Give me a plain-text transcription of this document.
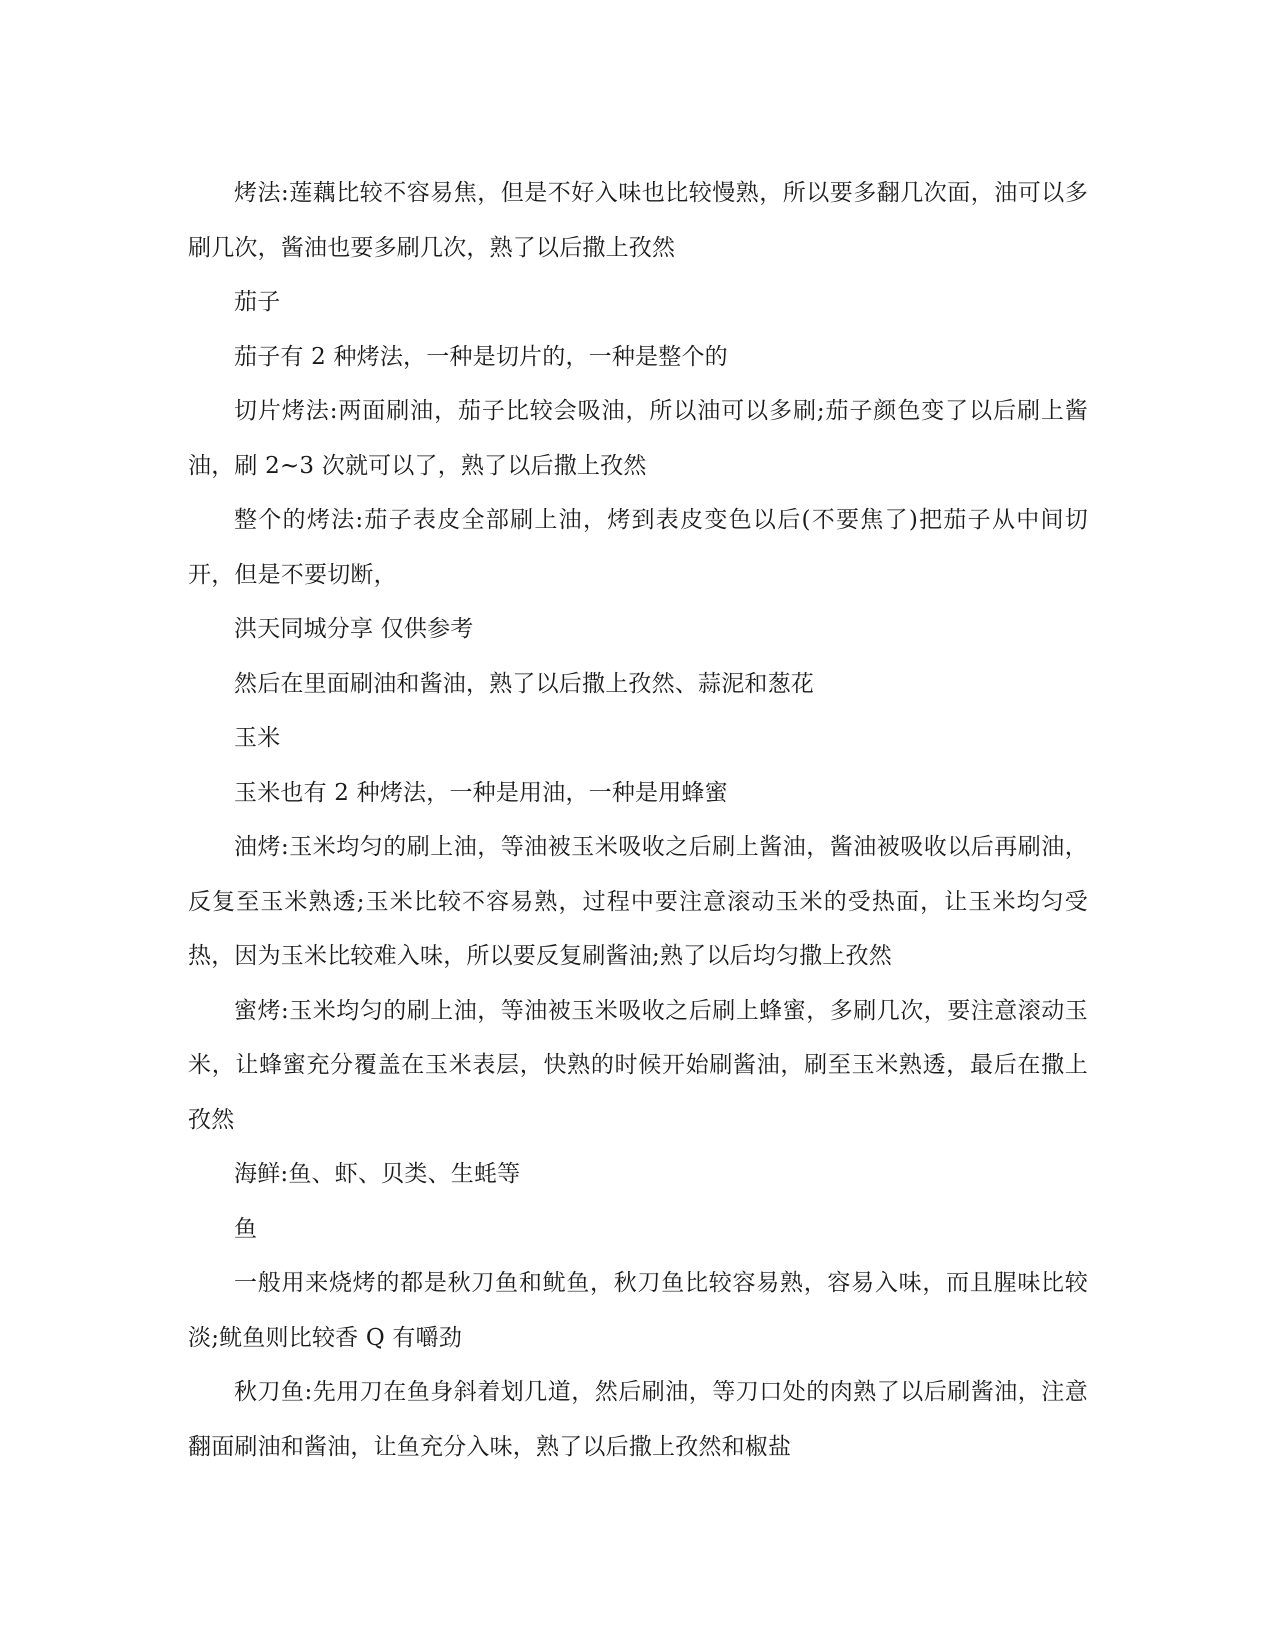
烤法:莲藕比较不容易焦，但是不好入味也比较慢熟，所以要多翻几次面，油可以多刷几次，酱油也要多刷几次，熟了以后撒上孜然

茄子

茄子有 2 种烤法，一种是切片的，一种是整个的

切片烤法:两面刷油，茄子比较会吸油，所以油可以多刷;茄子颜色变了以后刷上酱油，刷 2~3 次就可以了，熟了以后撒上孜然

整个的烤法:茄子表皮全部刷上油，烤到表皮变色以后(不要焦了)把茄子从中间切开，但是不要切断，

洪天同城分享 仅供参考

然后在里面刷油和酱油，熟了以后撒上孜然、蒜泥和葱花

玉米

玉米也有 2 种烤法，一种是用油，一种是用蜂蜜

油烤:玉米均匀的刷上油，等油被玉米吸收之后刷上酱油，酱油被吸收以后再刷油，反复至玉米熟透;玉米比较不容易熟，过程中要注意滚动玉米的受热面，让玉米均匀受热，因为玉米比较难入味，所以要反复刷酱油;熟了以后均匀撒上孜然

蜜烤:玉米均匀的刷上油，等油被玉米吸收之后刷上蜂蜜，多刷几次，要注意滚动玉米，让蜂蜜充分覆盖在玉米表层，快熟的时候开始刷酱油，刷至玉米熟透，最后在撒上孜然

海鲜:鱼、虾、贝类、生蚝等

鱼

一般用来烧烤的都是秋刀鱼和鱿鱼，秋刀鱼比较容易熟，容易入味，而且腥味比较淡;鱿鱼则比较香 Q 有嚼劲

秋刀鱼:先用刀在鱼身斜着划几道，然后刷油，等刀口处的肉熟了以后刷酱油，注意翻面刷油和酱油，让鱼充分入味，熟了以后撒上孜然和椒盐
